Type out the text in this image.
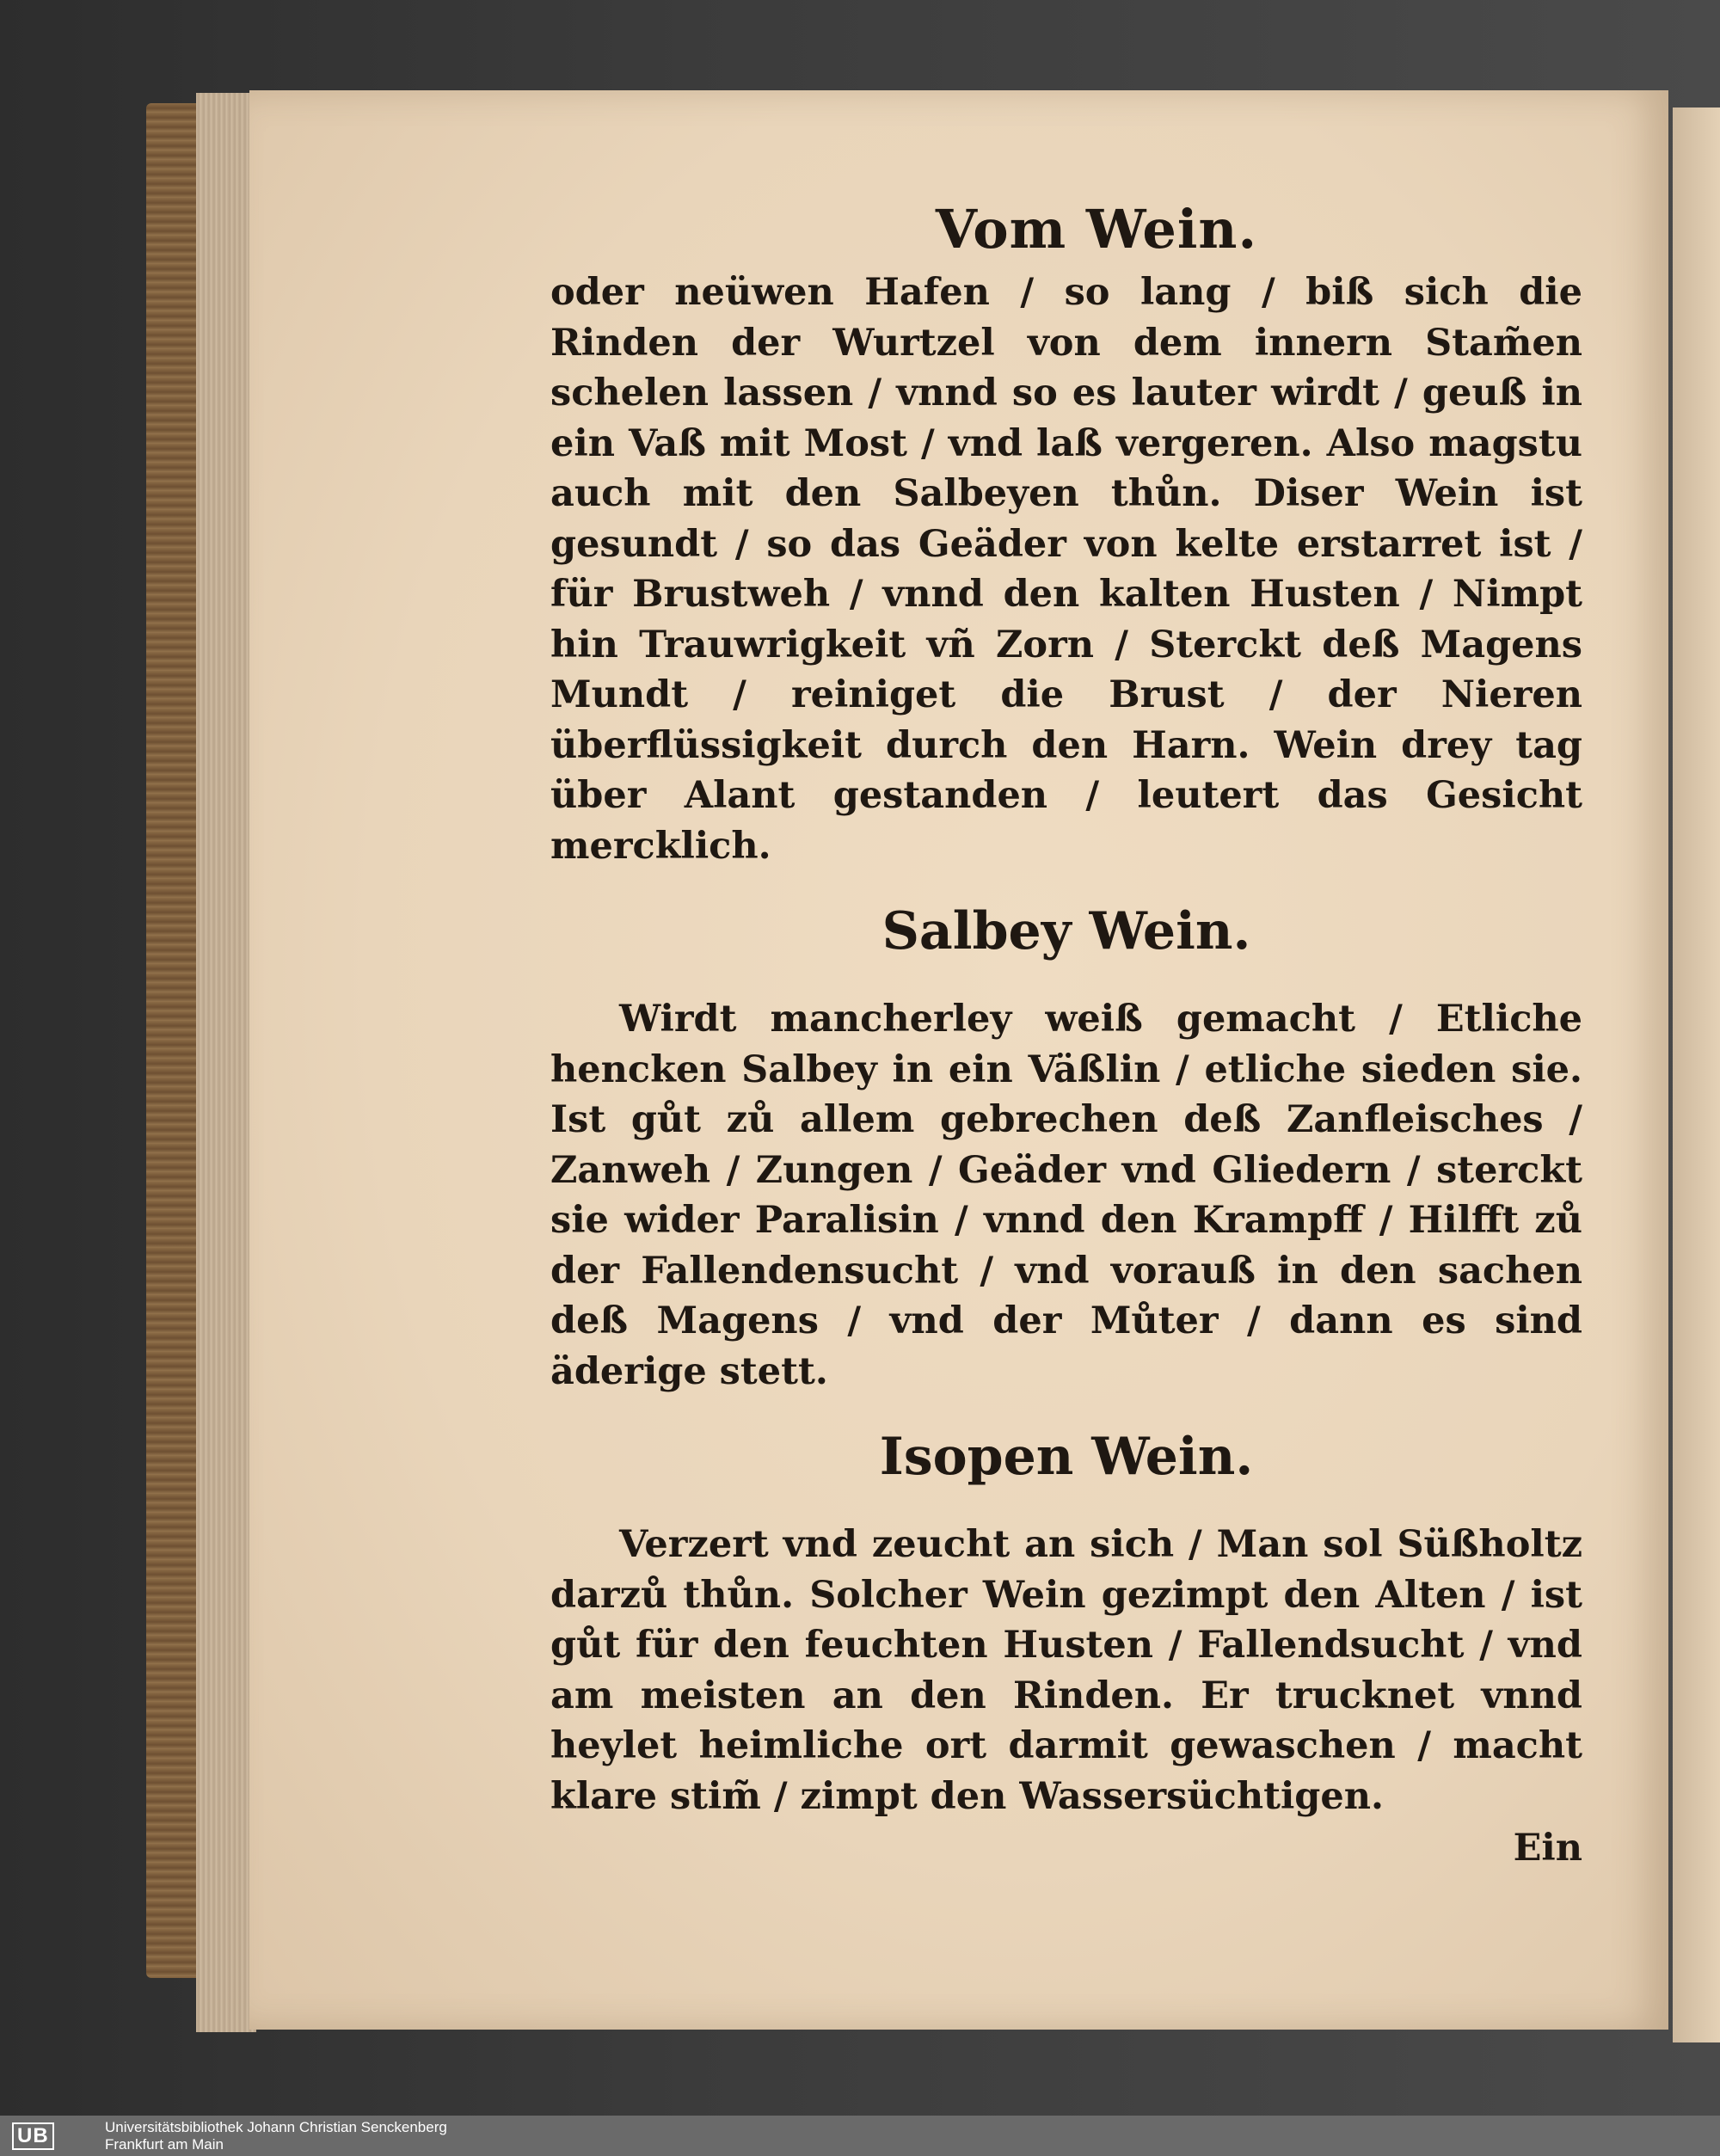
Vom Wein.

oder neüwen Hafen / so lang / biß sich die Rinden der Wurtzel von dem innern Stam̃en schelen lassen / vnnd so es lauter wirdt / geuß in ein Vaß mit Most / vnd laß vergeren. Also magstu auch mit den Salbeyen thůn. Diser Wein ist gesundt / so das Geäder von kelte erstarret ist / für Brustweh / vnnd den kalten Husten / Nimpt hin Trauwrigkeit vñ Zorn / Sterckt deß Magens Mundt / reiniget die Brust / der Nieren überflüssigkeit durch den Harn. Wein drey tag über Alant gestanden / leutert das Gesicht mercklich.

Salbey Wein.

Wirdt mancherley weiß gemacht / Etliche hencken Salbey in ein Väßlin / etliche sieden sie. Ist gůt zů allem gebrechen deß Zanfleisches / Zanweh / Zungen / Geäder vnd Gliedern / sterckt sie wider Paralisin / vnnd den Krampff / Hilfft zů der Fallendensucht / vnd vorauß in den sachen deß Magens / vnd der Můter / dann es sind äderige stett.

Isopen Wein.

Verzert vnd zeucht an sich / Man sol Süßholtz darzů thůn. Solcher Wein gezimpt den Alten / ist gůt für den feuchten Husten / Fallendsucht / vnd am meisten an den Rinden. Er trucknet vnnd heylet heimliche ort darmit gewaschen / macht klare stim̃ / zimpt den Wassersüchtigen.

Ein
UB	Universitätsbibliothek Johann Christian Senckenberg
Frankfurt am Main
